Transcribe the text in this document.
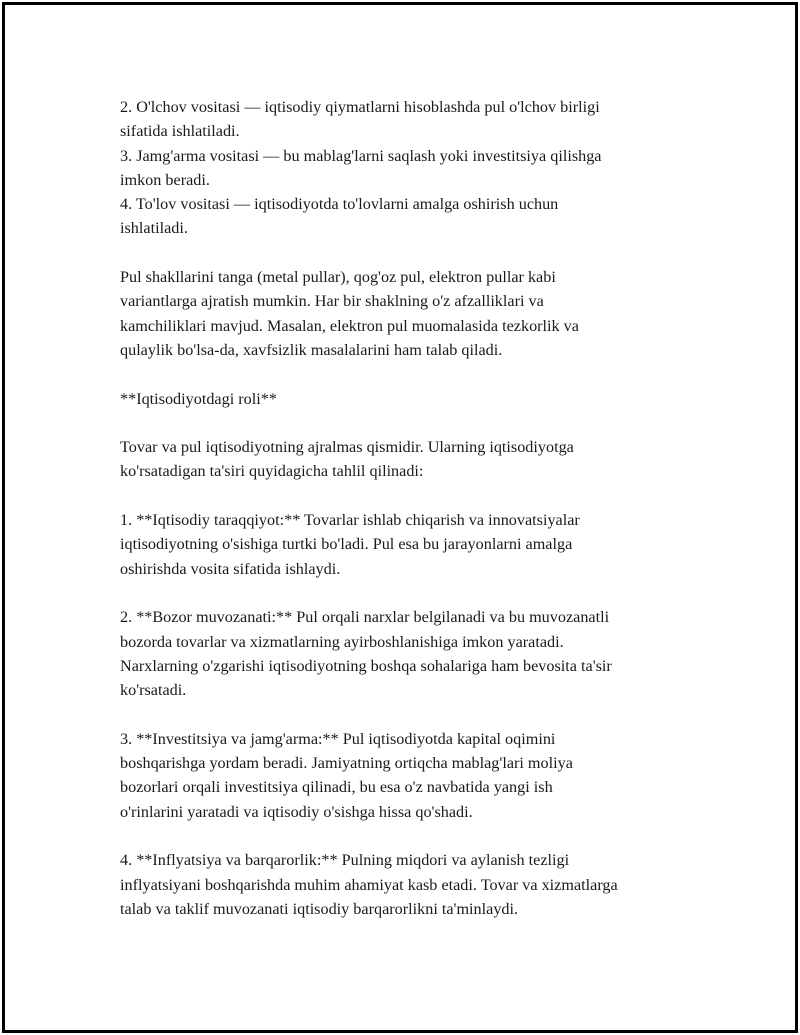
2. O'lchov vositasi — iqtisodiy qiymatlarni hisoblashda pul o'lchov birligi
sifatida ishlatiladi.
3. Jamg'arma vositasi — bu mablag'larni saqlash yoki investitsiya qilishga
imkon beradi.
4. To'lov vositasi — iqtisodiyotda to'lovlarni amalga oshirish uchun
ishlatiladi.

Pul shakllarini tanga (metal pullar), qog'oz pul, elektron pullar kabi
variantlarga ajratish mumkin. Har bir shaklning o'z afzalliklari va
kamchiliklari mavjud. Masalan, elektron pul muomalasida tezkorlik va
qulaylik bo'lsa-da, xavfsizlik masalalarini ham talab qiladi.

**Iqtisodiyotdagi roli**

Tovar va pul iqtisodiyotning ajralmas qismidir. Ularning iqtisodiyotga
ko'rsatadigan ta'siri quyidagicha tahlil qilinadi:

1. **Iqtisodiy taraqqiyot:** Tovarlar ishlab chiqarish va innovatsiyalar
iqtisodiyotning o'sishiga turtki bo'ladi. Pul esa bu jarayonlarni amalga
oshirishda vosita sifatida ishlaydi.

2. **Bozor muvozanati:** Pul orqali narxlar belgilanadi va bu muvozanatli
bozorda tovarlar va xizmatlarning ayirboshlanishiga imkon yaratadi.
Narxlarning o'zgarishi iqtisodiyotning boshqa sohalariga ham bevosita ta'sir
ko'rsatadi.

3. **Investitsiya va jamg'arma:** Pul iqtisodiyotda kapital oqimini
boshqarishga yordam beradi. Jamiyatning ortiqcha mablag'lari moliya
bozorlari orqali investitsiya qilinadi, bu esa o'z navbatida yangi ish
o'rinlarini yaratadi va iqtisodiy o'sishga hissa qo'shadi.

4. **Inflyatsiya va barqarorlik:** Pulning miqdori va aylanish tezligi
inflyatsiyani boshqarishda muhim ahamiyat kasb etadi. Tovar va xizmatlarga
talab va taklif muvozanati iqtisodiy barqarorlikni ta'minlaydi.
